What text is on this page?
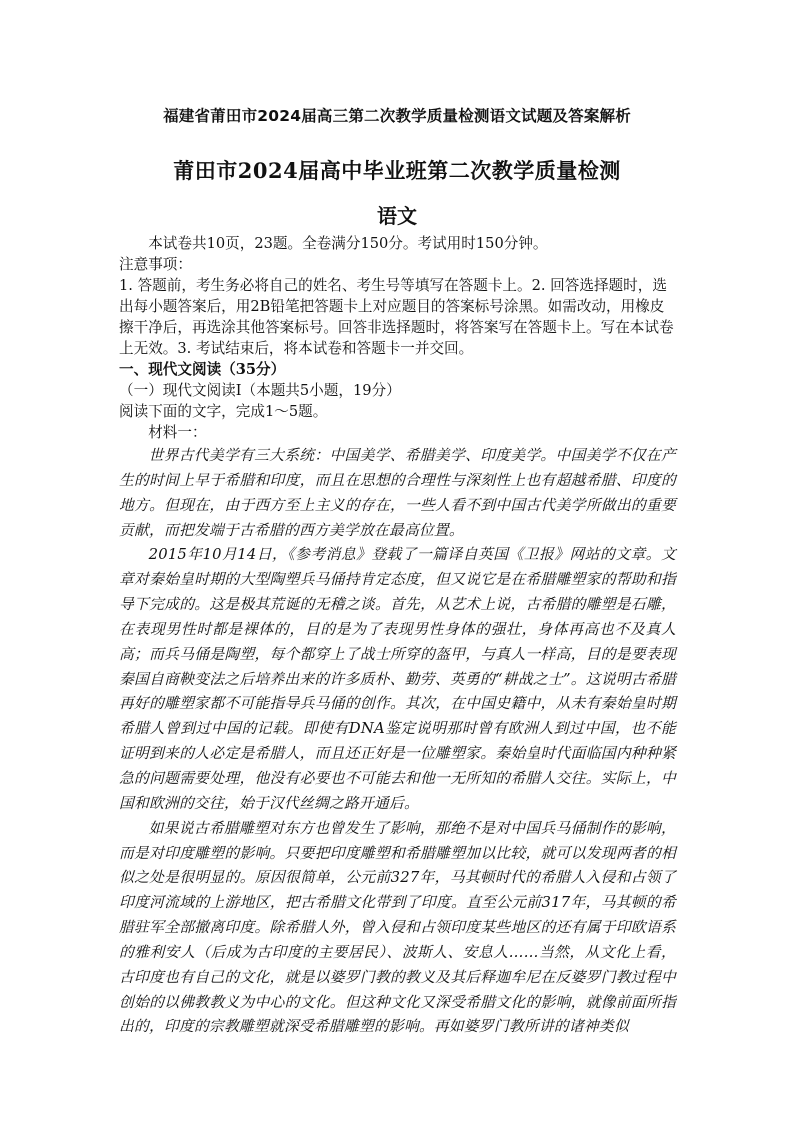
福建省莆田市2024届高三第二次教学质量检测语文试题及答案解析
莆田市2024届高中毕业班第二次教学质量检测
语文

本试卷共10页，23题。全卷满分150分。考试用时150分钟。

注意事项：

1. 答题前，考生务必将自己的姓名、考生号等填写在答题卡上。2. 回答选择题时，选出每小题答案后，用2B铅笔把答题卡上对应题目的答案标号涂黑。如需改动，用橡皮擦干净后，再选涂其他答案标号。回答非选择题时，将答案写在答题卡上。写在本试卷上无效。3. 考试结束后，将本试卷和答题卡一并交回。

一、现代文阅读（35分）

（一）现代文阅读Ⅰ（本题共5小题，19分）

阅读下面的文字，完成1～5题。

材料一：

世界古代美学有三大系统：中国美学、希腊美学、印度美学。中国美学不仅在产生的时间上早于希腊和印度，而且在思想的合理性与深刻性上也有超越希腊、印度的地方。但现在，由于西方至上主义的存在，一些人看不到中国古代美学所做出的重要贡献，而把发端于古希腊的西方美学放在最高位置。

2015年10月14日，《参考消息》登载了一篇译自英国《卫报》网站的文章。文章对秦始皇时期的大型陶塑兵马俑持肯定态度，但又说它是在希腊雕塑家的帮助和指导下完成的。这是极其荒诞的无稽之谈。首先，从艺术上说，古希腊的雕塑是石雕，在表现男性时都是裸体的，目的是为了表现男性身体的强壮，身体再高也不及真人高；而兵马俑是陶塑，每个都穿上了战士所穿的盔甲，与真人一样高，目的是要表现秦国自商鞅变法之后培养出来的许多质朴、勤劳、英勇的“耕战之士”。这说明古希腊再好的雕塑家都不可能指导兵马俑的创作。其次，在中国史籍中，从未有秦始皇时期希腊人曾到过中国的记载。即使有DNA鉴定说明那时曾有欧洲人到过中国，也不能证明到来的人必定是希腊人，而且还正好是一位雕塑家。秦始皇时代面临国内种种紧急的问题需要处理，他没有必要也不可能去和他一无所知的希腊人交往。实际上，中国和欧洲的交往，始于汉代丝绸之路开通后。

如果说古希腊雕塑对东方也曾发生了影响，那绝不是对中国兵马俑制作的影响，而是对印度雕塑的影响。只要把印度雕塑和希腊雕塑加以比较，就可以发现两者的相似之处是很明显的。原因很简单，公元前327年，马其顿时代的希腊人入侵和占领了印度河流域的上游地区，把古希腊文化带到了印度。直至公元前317年，马其顿的希腊驻军全部撤离印度。除希腊人外，曾入侵和占领印度某些地区的还有属于印欧语系的雅利安人（后成为古印度的主要居民）、波斯人、安息人……当然，从文化上看，古印度也有自己的文化，就是以婆罗门教的教义及其后释迦牟尼在反婆罗门教过程中创始的以佛教教义为中心的文化。但这种文化又深受希腊文化的影响，就像前面所指出的，印度的宗教雕塑就深受希腊雕塑的影响。再如婆罗门教所讲的诸神类似
